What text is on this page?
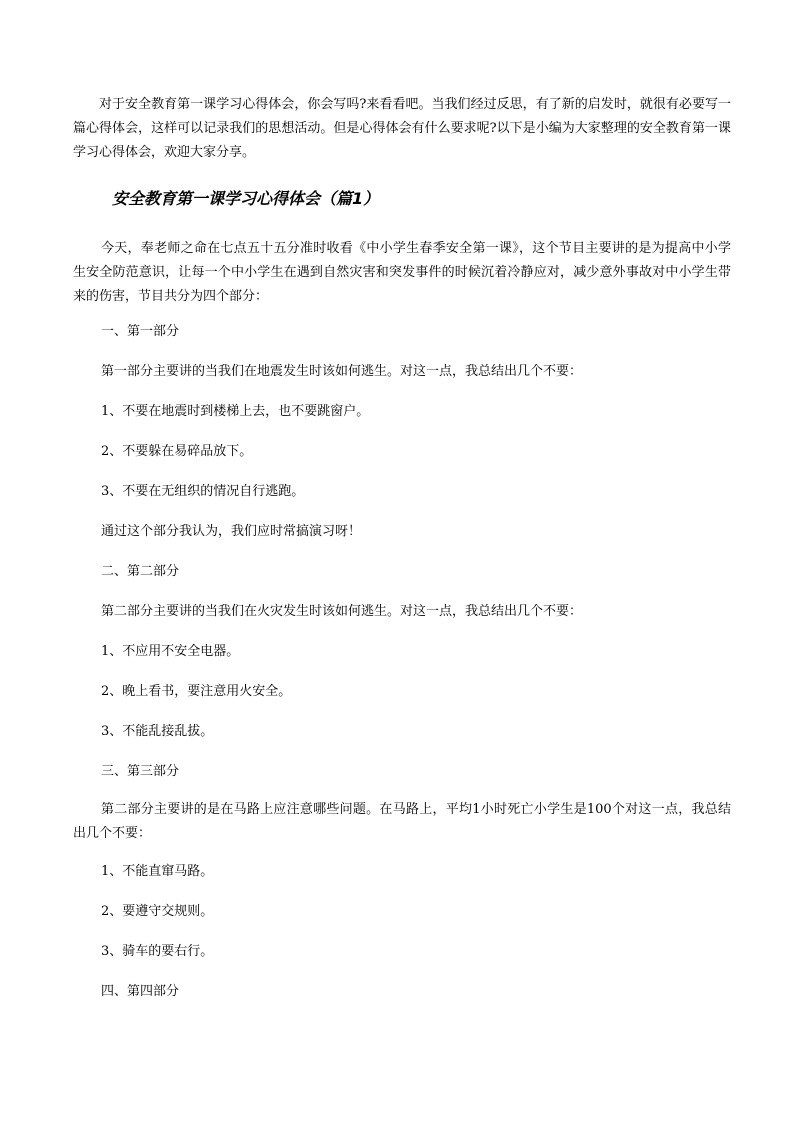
对于安全教育第一课学习心得体会，你会写吗?来看看吧。当我们经过反思，有了新的启发时，就很有必要写一篇心得体会，这样可以记录我们的思想活动。但是心得体会有什么要求呢?以下是小编为大家整理的安全教育第一课学习心得体会，欢迎大家分享。

安全教育第一课学习心得体会（篇1）

今天，奉老师之命在七点五十五分准时收看《中小学生春季安全第一课》，这个节目主要讲的是为提高中小学生安全防范意识，让每一个中小学生在遇到自然灾害和突发事件的时候沉着冷静应对，减少意外事故对中小学生带来的伤害，节目共分为四个部分：

一、第一部分

第一部分主要讲的当我们在地震发生时该如何逃生。对这一点，我总结出几个不要：

1、不要在地震时到楼梯上去，也不要跳窗户。

2、不要躲在易碎品放下。

3、不要在无组织的情况自行逃跑。

通过这个部分我认为，我们应时常搞演习呀！

二、第二部分

第二部分主要讲的当我们在火灾发生时该如何逃生。对这一点，我总结出几个不要：

1、不应用不安全电器。

2、晚上看书，要注意用火安全。

3、不能乱接乱拔。

三、第三部分

第二部分主要讲的是在马路上应注意哪些问题。在马路上，平均1小时死亡小学生是100个对这一点，我总结出几个不要：

1、不能直窜马路。

2、要遵守交规则。

3、骑车的要右行。

四、第四部分
